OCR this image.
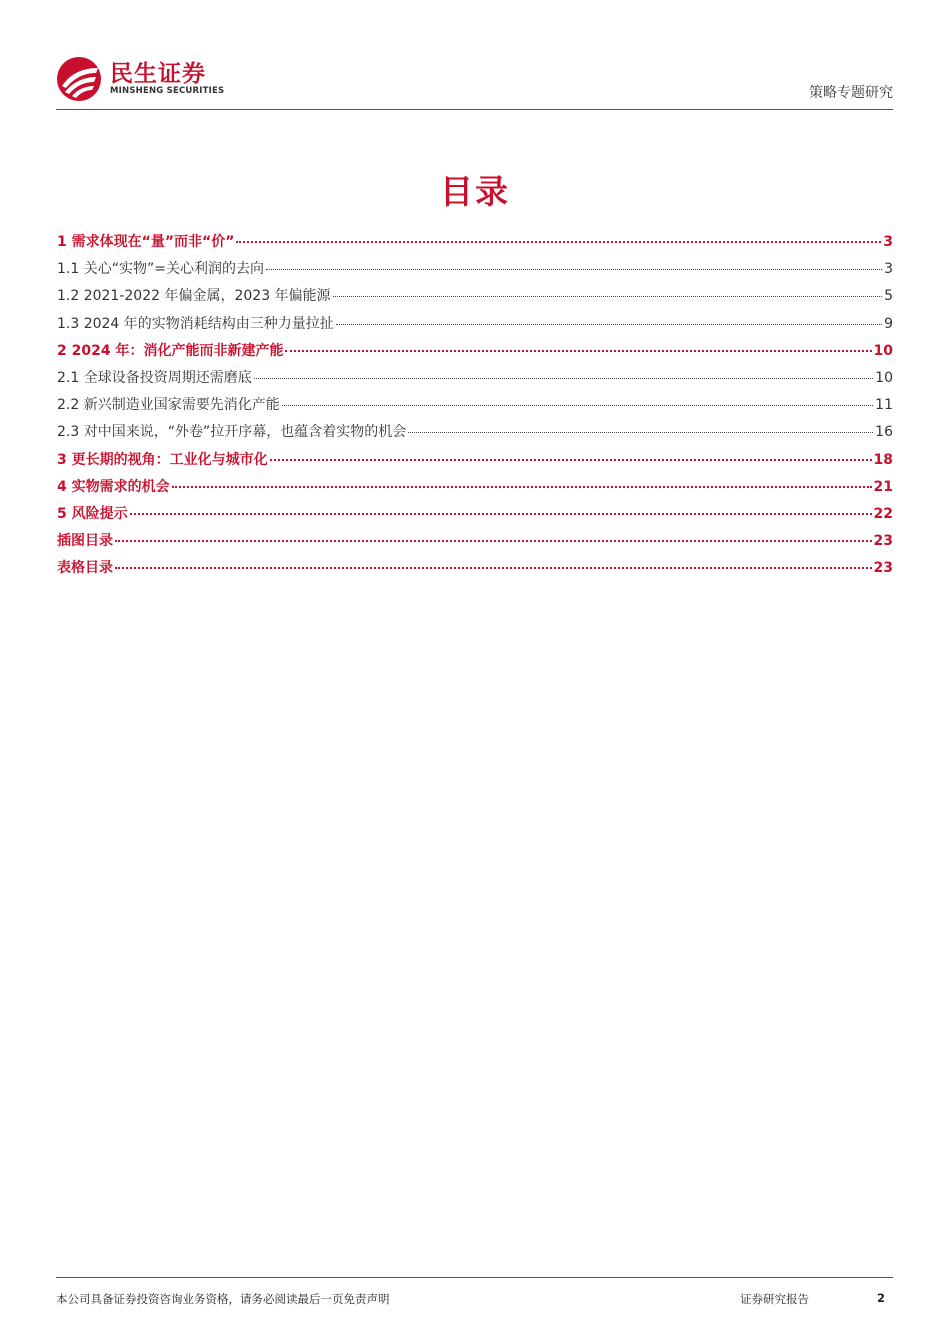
民生证券
MINSHENG SECURITIES	策略专题研究
目录
1 需求体现在“量”而非“价”	3
1.1 关心“实物”=关心利润的去向	3
1.2 2021-2022 年偏金属，2023 年偏能源	5
1.3 2024 年的实物消耗结构由三种力量拉扯	9
2 2024 年：消化产能而非新建产能	10
2.1 全球设备投资周期还需磨底	10
2.2 新兴制造业国家需要先消化产能	11
2.3 对中国来说，“外卷”拉开序幕，也蕴含着实物的机会	16
3 更长期的视角：工业化与城市化	18
4 实物需求的机会	21
5 风险提示	22
插图目录	23
表格目录	23
本公司具备证券投资咨询业务资格，请务必阅读最后一页免责声明	证券研究报告	2
